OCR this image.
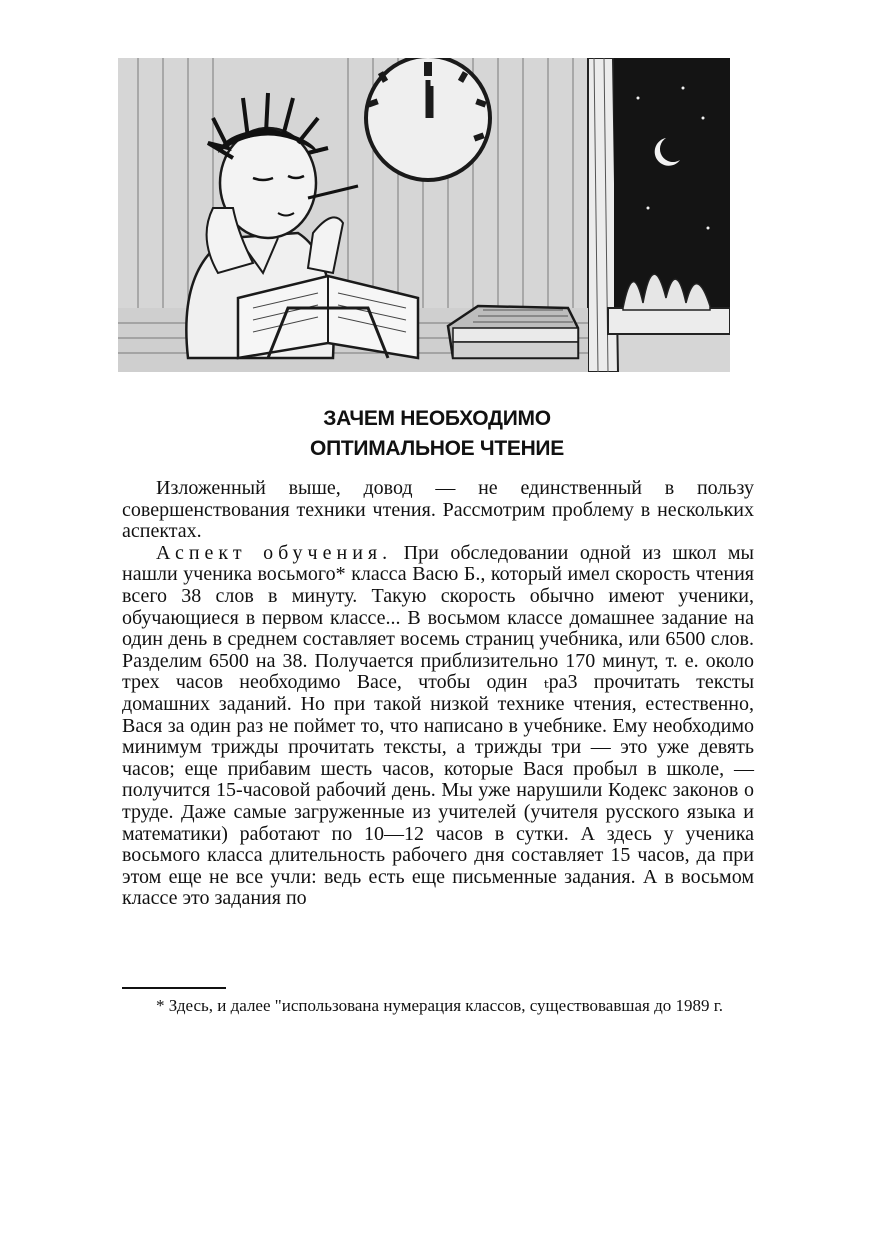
ЗАЧЕМ НЕОБХОДИМО
ОПТИМАЛЬНОЕ ЧТЕНИЕ

Изложенный выше, довод — не единственный в пользу совершенствования техники чтения. Рассмотрим проблему в нескольких аспектах.

Аспект обучения. При обследовании одной из школ мы нашли ученика восьмого* класса Васю Б., который имел скорость чтения всего 38 слов в минуту. Такую скорость обычно имеют ученики, обучающиеся в первом классе... В восьмом классе домашнее задание на один день в среднем составляет восемь страниц учебника, или 6500 слов. Разделим 6500 на 38. Получается приблизительно 170 минут, т. е. около трех часов необходимо Васе, чтобы один ₜpa3 прочитать тексты домашних заданий. Но при такой низкой технике чтения, естественно, Вася за один раз не поймет то, что написано в учебнике. Ему необходимо минимум трижды прочитать тексты, а трижды три — это уже девять часов; еще прибавим шесть часов, которые Вася пробыл в школе, — получится 15-часовой рабочий день. Мы уже нарушили Кодекс законов о труде. Даже самые загруженные из учителей (учителя русского языка и математики) работают по 10—12 часов в сутки. А здесь у ученика восьмого класса длительность рабочего дня составляет 15 часов, да при этом еще не все учли: ведь есть еще письменные задания. А в восьмом классе это задания по

* Здесь, и далее "использована нумерация классов, существовавшая до 1989 г.
